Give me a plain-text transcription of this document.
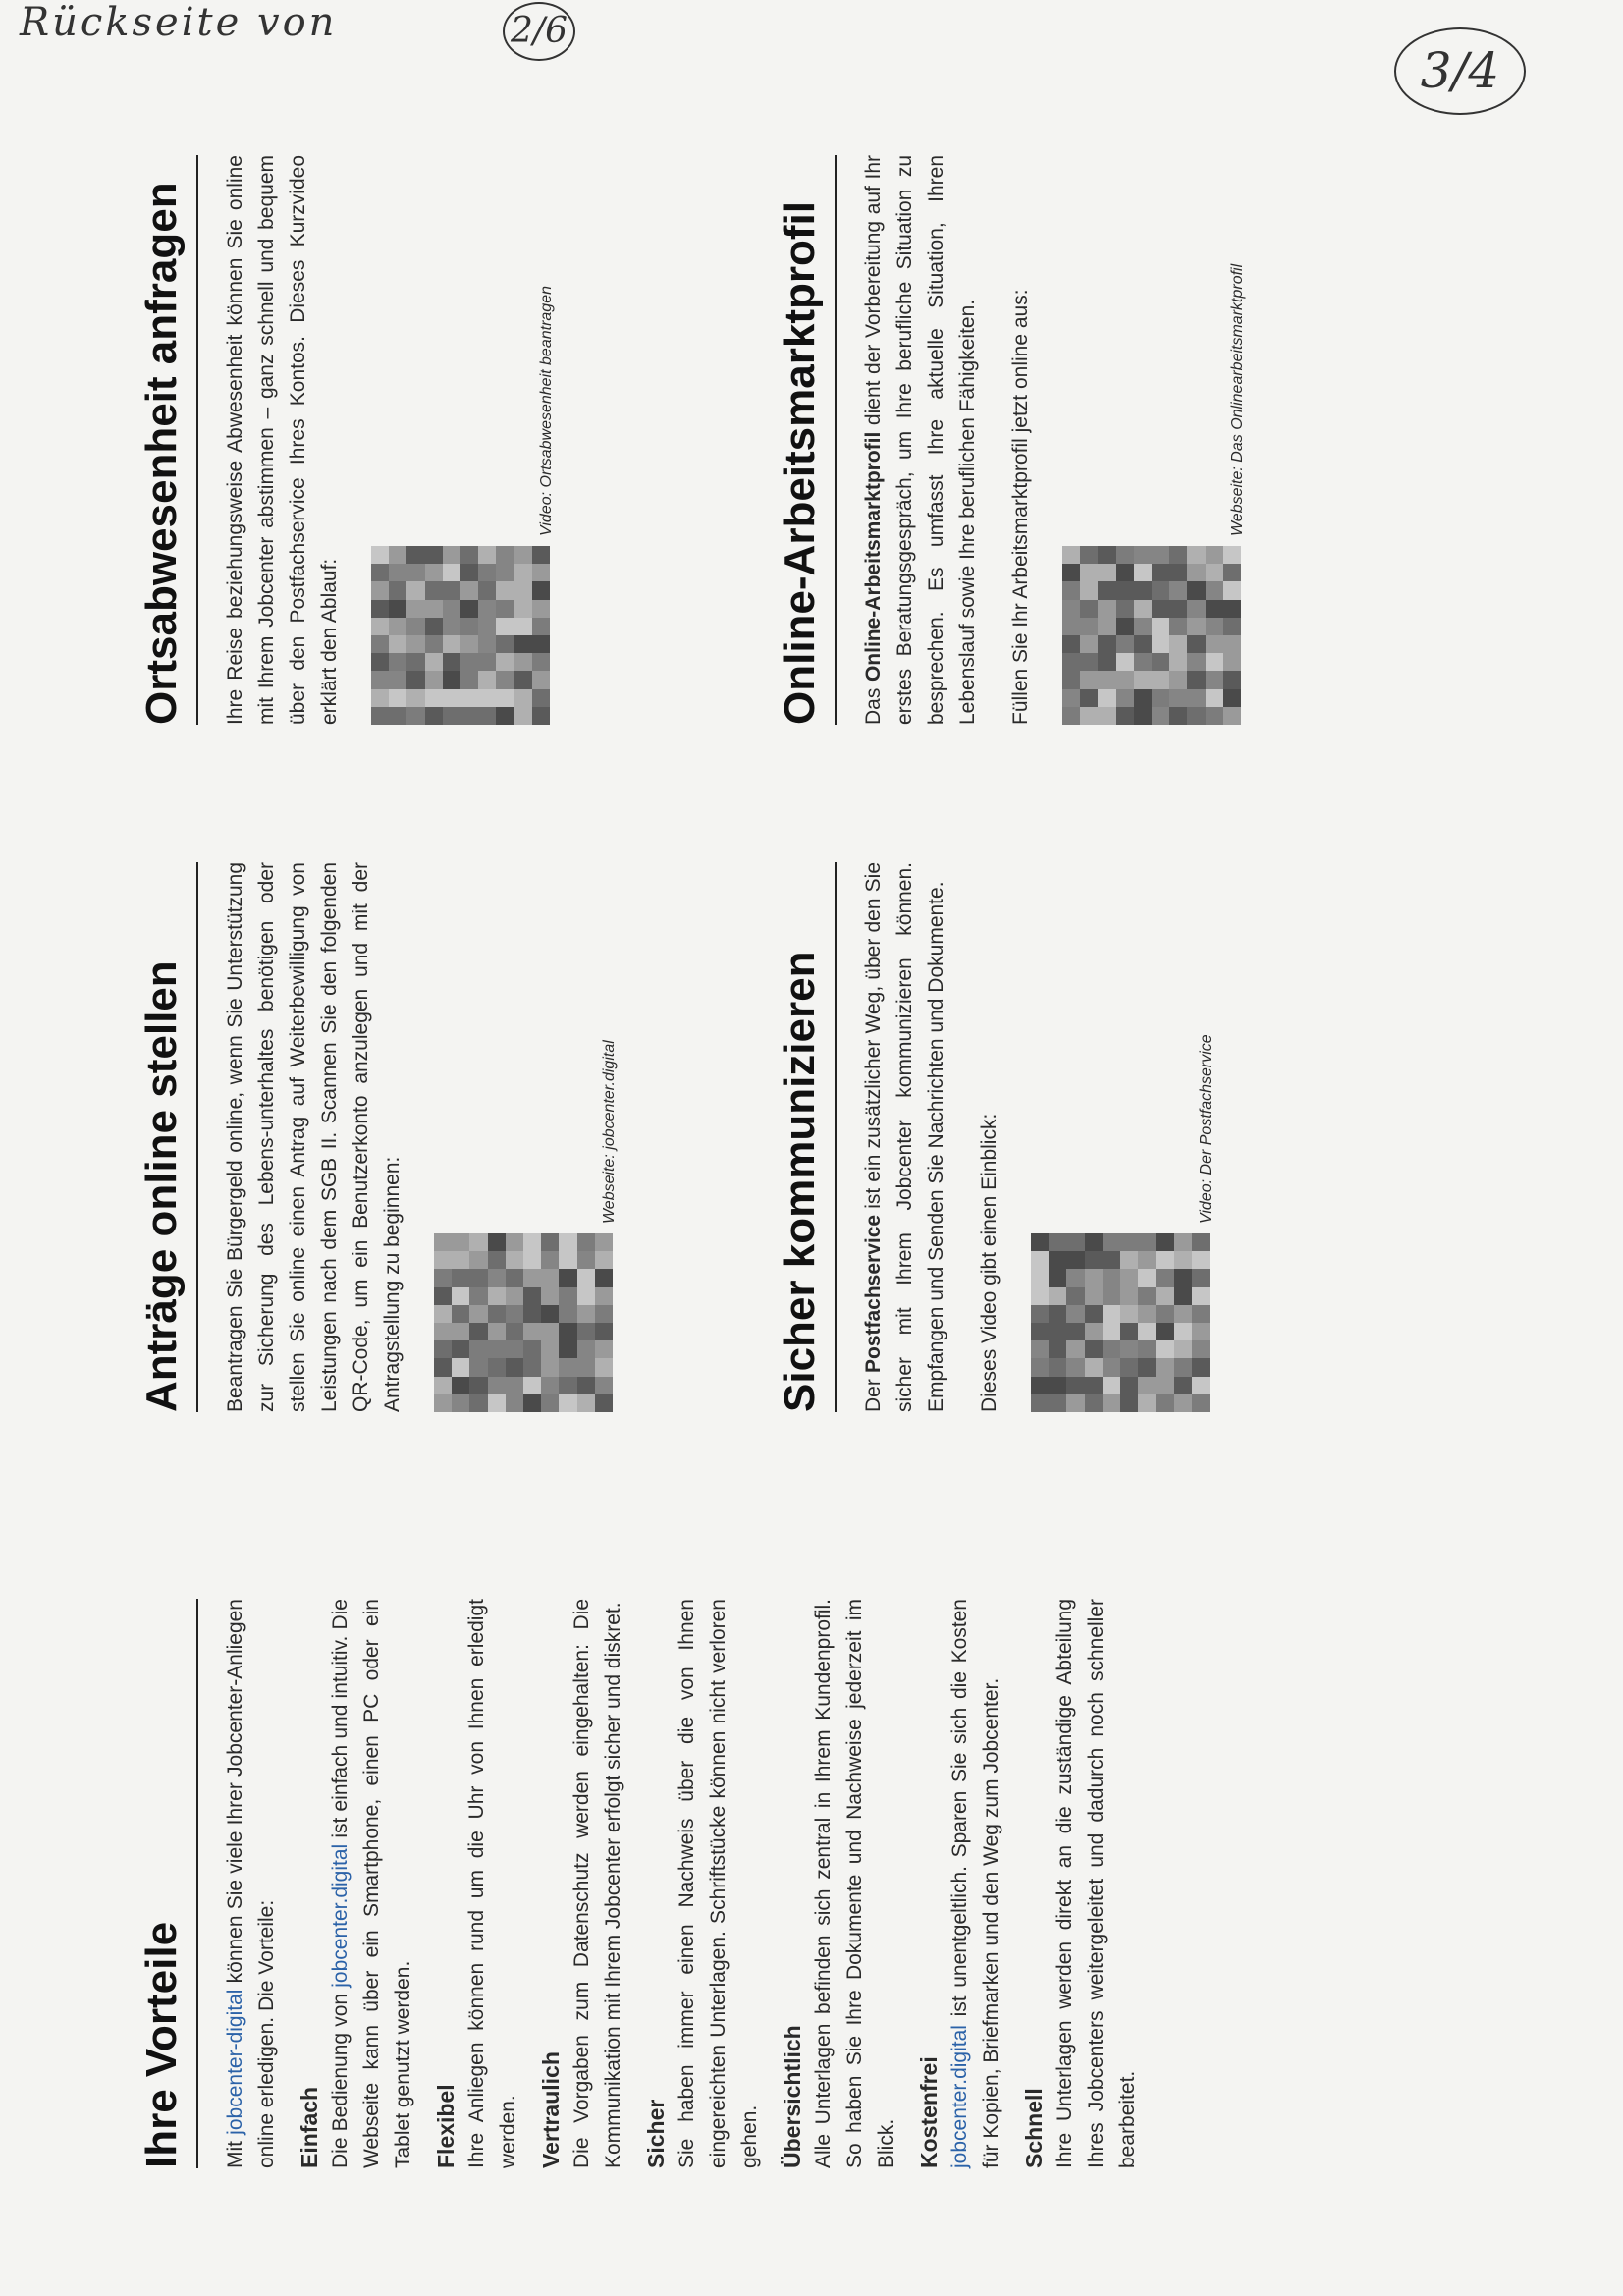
Rückseite von	2/6
3/4
Ihre Vorteile	Mit jobcenter-digital können Sie viele Ihrer Jobcenter-Anliegen online erledigen. Die Vorteile: Einfach Die Bedienung von jobcenter.digital ist einfach und intuitiv. Die Webseite kann über ein Smartphone, einen PC oder ein Tablet genutzt werden. Flexibel Ihre Anliegen können rund um die Uhr von Ihnen erledigt werden. Vertraulich Die Vorgaben zum Datenschutz werden eingehalten: Die Kommunikation mit Ihrem Jobcenter erfolgt sicher und diskret. Sicher Sie haben immer einen Nachweis über die von Ihnen eingereichten Unterlagen. Schriftstücke können nicht verloren gehen. Übersichtlich Alle Unterlagen befinden sich zentral in Ihrem Kundenprofil. So haben Sie Ihre Dokumente und Nachweise jederzeit im Blick. Kostenfrei jobcenter.digital ist unentgeltlich. Sparen Sie sich die Kosten für Kopien, Briefmarken und den Weg zum Jobcenter. Schnell Ihre Unterlagen werden direkt an die zuständige Abteilung Ihres Jobcenters weitergeleitet und dadurch noch schneller bearbeitet.

Anträge online stellen	Beantragen Sie Bürgergeld online, wenn Sie Unterstützung zur Sicherung des Lebens-unterhaltes benötigen oder stellen Sie online einen Antrag auf Weiterbewilligung von Leistungen nach dem SGB II. Scannen Sie den folgenden QR-Code, um ein Benutzerkonto anzulegen und mit der Antragstellung zu beginnen:

Webseite: jobcenter.digital	Sicher kommunizieren	Der Postfachservice ist ein zusätzlicher Weg, über den Sie sicher mit Ihrem Jobcenter kommunizieren können. Empfangen und Senden Sie Nachrichten und Dokumente. Dieses Video gibt einen Einblick:	Video: Der Postfachservice
Ortsabwesenheit anfragen	Ihre Reise beziehungsweise Abwesenheit können Sie online mit Ihrem Jobcenter abstimmen – ganz schnell und bequem über den Postfachservice Ihres Kontos. Dieses Kurzvideo erklärt den Ablauf:

Video: Ortsabwesenheit beantragen	Online-Arbeitsmarktprofil	Das Online-Arbeitsmarktprofil dient der Vorbereitung auf Ihr erstes Beratungsgespräch, um Ihre berufliche Situation zu besprechen. Es umfasst Ihre aktuelle Situation, Ihren Lebenslauf sowie Ihre beruflichen Fähigkeiten. Füllen Sie Ihr Arbeitsmarktprofil jetzt online aus:	Webseite: Das Onlinearbeitsmarktprofil
